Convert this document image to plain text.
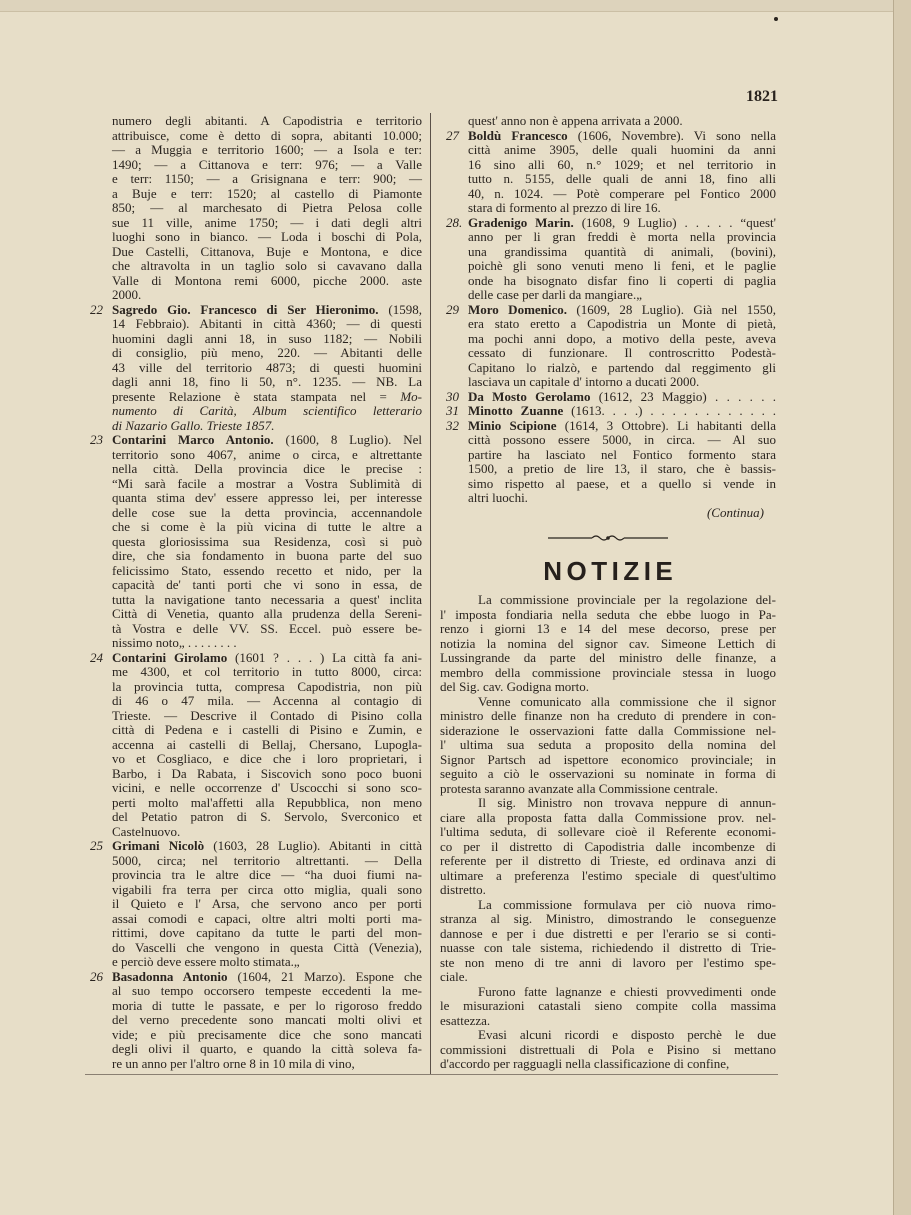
1821
numero degli abitanti. A Capodistria e territorio
attribuisce, come è detto di sopra, abitanti 10.000;
— a Muggia e territorio 1600; — a Isola e ter:
1490; — a Cittanova e terr: 976; — a Valle
e terr: 1150; — a Grisignana e terr: 900; —
a Buje e terr: 1520; al castello di Piamonte
850; — al marchesato di Pietra Pelosa colle
sue 11 ville, anime 1750; — i dati degli altri
luoghi sono in bianco. — Loda i boschi di Pola,
Due Castelli, Cittanova, Buje e Montona, e dice
che altravolta in un taglio solo si cavavano dalla
Valle di Montona remi 6000, picche 2000. aste
2000.
22 Sagredo Gio. Francesco di Ser Hieronimo. (1598,
14 Febbraio). Abitanti in città 4360; — di questi
huomini dagli anni 18, in suso 1182; — Nobili
di consiglio, più meno, 220. — Abitanti delle
43 ville del territorio 4873; di questi huomini
dagli anni 18, fino li 50, n°. 1235. — NB. La
presente Relazione è stata stampata nel = Mo-
numento di Carità, Album scientifico letterario
di Nazario Gallo. Trieste 1857.
23 Contarini Marco Antonio. (1600, 8 Luglio). Nel
territorio sono 4067, anime o circa, e altrettante
nella città. Della provincia dice le precise :
“Mi sarà facile a mostrar a Vostra Sublimità di
quanta stima dev' essere appresso lei, per interesse
delle cose sue la detta provincia, accennandole
che si come è la più vicina di tutte le altre a
questa gloriosissima sua Residenza, così si può
dire, che sia fondamento in buona parte del suo
felicissimo Stato, essendo recetto et nido, per la
capacità de' tanti porti che vi sono in essa, de
tutta la navigatione tanto necessaria a quest' inclita
Città di Venetia, quanto alla prudenza della Sereni-
tà Vostra e delle VV. SS. Eccel. può essere be-
nissimo noto„ . . . . . . . .
24 Contarini Girolamo (1601 ? . . . ) La città fa ani-
me 4300, et col territorio in tutto 8000, circa:
la provincia tutta, compresa Capodistria, non più
di 46 o 47 mila. — Accenna al contagio di
Trieste. — Descrive il Contado di Pisino colla
città di Pedena e i castelli di Pisino e Zumin, e
accenna ai castelli di Bellaj, Chersano, Lupogla-
vo et Cosgliaco, e dice che i loro proprietari, i
Barbo, i Da Rabata, i Siscovich sono poco buoni
vicini, e nelle occorrenze d' Uscocchi si sono sco-
perti molto mal'affetti alla Repubblica, non meno
del Petatio patron di S. Servolo, Sverconico et
Castelnuovo.
25 Grimani Nicolò (1603, 28 Luglio). Abitanti in città
5000, circa; nel territorio altrettanti. — Della
provincia tra le altre dice — “ha duoi fiumi na-
vigabili fra terra per circa otto miglia, quali sono
il Quieto e l' Arsa, che servono anco per porti
assai comodi e capaci, oltre altri molti porti ma-
rittimi, dove capitano da tutte le parti del mon-
do Vascelli che vengono in questa Città (Venezia),
e perciò deve essere molto stimata.„
26 Basadonna Antonio (1604, 21 Marzo). Espone che
al suo tempo occorsero tempeste eccedenti la me-
moria di tutte le passate, e per lo rigoroso freddo
del verno precedente sono mancati molti olivi et
vide; e più precisamente dice che sono mancati
degli olivi il quarto, e quando la città soleva fa-
re un anno per l'altro orne 8 in 10 mila di vino,
quest' anno non è appena arrivata a 2000.
27 Boldù Francesco (1606, Novembre). Vi sono nella
città anime 3905, delle quali huomini da anni
16 sino alli 60, n.° 1029; et nel territorio in
tutto n. 5155, delle quali de anni 18, fino alli
40, n. 1024. — Potè comperare pel Fontico 2000
stara di formento al prezzo di lire 16.
28. Gradenigo Marin. (1608, 9 Luglio) . . . . . “quest'
anno per li gran freddi è morta nella provincia
una grandissima quantità di animali, (bovini),
poichè gli sono venuti meno li feni, et le paglie
onde ha bisognato disfar fino li coperti di paglia
delle case per darli da mangiare.„
29 Moro Domenico. (1609, 28 Luglio). Già nel 1550,
era stato eretto a Capodistria un Monte di pietà,
ma pochi anni dopo, a motivo della peste, aveva
cessato di funzionare. Il controscritto Podestà-
Capitano lo rialzò, e partendo dal reggimento gli
lasciava un capitale d' intorno a ducati 2000.
30 Da Mosto Gerolamo (1612, 23 Maggio) . . . . . .
31 Minotto Zuanne (1613. . . .) . . . . . . . . . . . .
32 Minio Scipione (1614, 3 Ottobre). Li habitanti della
città possono essere 5000, in circa. — Al suo
partire ha lasciato nel Fontico formento stara
1500, a pretio de lire 13, il staro, che è bassis-
simo rispetto al paese, et a quello si vende in
altri luochi.
(Continua)
NOTIZIE
La commissione provinciale per la regolazione del-
l' imposta fondiaria nella seduta che ebbe luogo in Pa-
renzo i giorni 13 e 14 del mese decorso, prese per
notizia la nomina del signor cav. Simeone Lettich di
Lussingrande da parte del ministro delle finanze, a
membro della commissione provinciale stessa in luogo
del Sig. cav. Godigna morto.
Venne comunicato alla commissione che il signor
ministro delle finanze non ha creduto di prendere in con-
siderazione le osservazioni fatte dalla Commissione nel-
l' ultima sua seduta a proposito della nomina del
Signor Partsch ad ispettore economico provinciale; in
seguito a ciò le osservazioni su nominate in forma di
protesta saranno avanzate alla Commissione centrale.
Il sig. Ministro non trovava neppure di annun-
ciare alla proposta fatta dalla Commissione prov. nel-
l'ultima seduta, di sollevare cioè il Referente economi-
co per il distretto di Capodistria dalle incombenze di
referente per il distretto di Trieste, ed ordinava anzi di
ultimare a preferenza l'estimo speciale di quest'ultimo
distretto.
La commissione formulava per ciò nuova rimo-
stranza al sig. Ministro, dimostrando le conseguenze
dannose e per i due distretti e per l'erario se si conti-
nuasse con tale sistema, richiedendo il distretto di Trie-
ste non meno di tre anni di lavoro per l'estimo spe-
ciale.
Furono fatte lagnanze e chiesti provvedimenti onde
le misurazioni catastali sieno compite colla massima
esattezza.
Evasi alcuni ricordi e disposto perchè le due
commissioni distrettuali di Pola e Pisino si mettano
d'accordo per ragguagli nella classificazione di confine,
